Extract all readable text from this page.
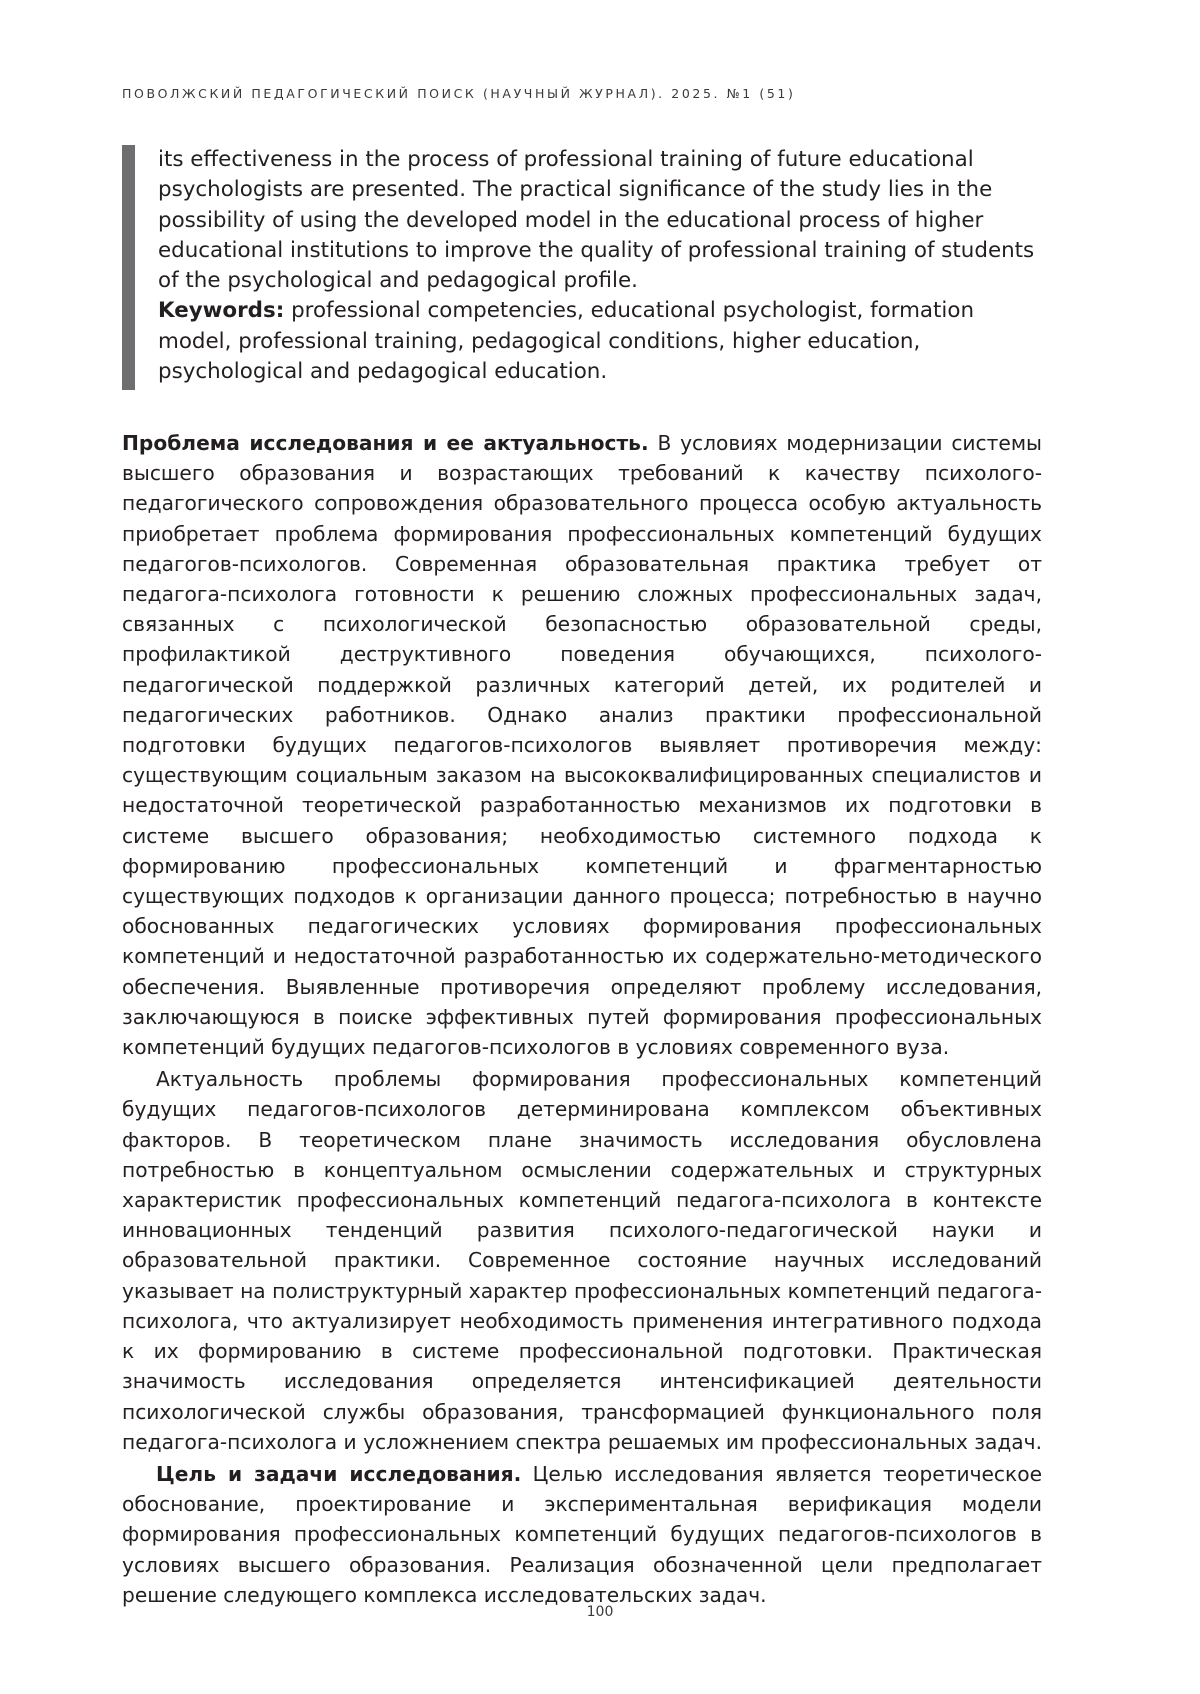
ПОВОЛЖСКИЙ ПЕДАГОГИЧЕСКИЙ ПОИСК (НАУЧНЫЙ ЖУРНАЛ). 2025. №1 (51)

its effectiveness in the process of professional training of future educational psychologists are presented. The practical significance of the study lies in the possibility of using the developed model in the educational process of higher educational institutions to improve the quality of professional training of students of the psychological and pedagogical profile.

Keywords: professional competencies, educational psychologist, formation model, professional training, pedagogical conditions, higher education, psychological and pedagogical education.

Проблема исследования и ее актуальность. В условиях модернизации системы высшего образования и возрастающих требований к качеству психолого-педагогического сопровождения образовательного процесса особую актуальность приобретает проблема формирования профессиональных компетенций будущих педагогов-психологов. Современная образовательная практика требует от педагога-психолога готовности к решению сложных профессиональных задач, связанных с психологической безопасностью образовательной среды, профилактикой деструктивного поведения обучающихся, психолого-педагогической поддержкой различных категорий детей, их родителей и педагогических работников. Однако анализ практики профессиональной подготовки будущих педагогов-психологов выявляет противоречия между: существующим социальным заказом на высококвалифицированных специалистов и недостаточной теоретической разработанностью механизмов их подготовки в системе высшего образования; необходимостью системного подхода к формированию профессиональных компетенций и фрагментарностью существующих подходов к организации данного процесса; потребностью в научно обоснованных педагогических условиях формирования профессиональных компетенций и недостаточной разработанностью их содержательно-методического обеспечения. Выявленные противоречия определяют проблему исследования, заключающуюся в поиске эффективных путей формирования профессиональных компетенций будущих педагогов-психологов в условиях современного вуза.

Актуальность проблемы формирования профессиональных компетенций будущих педагогов-психологов детерминирована комплексом объективных факторов. В теоретическом плане значимость исследования обусловлена потребностью в концептуальном осмыслении содержательных и структурных характеристик профессиональных компетенций педагога-психолога в контексте инновационных тенденций развития психолого-педагогической науки и образовательной практики. Современное состояние научных исследований указывает на полиструктурный характер профессиональных компетенций педагога-психолога, что актуализирует необходимость применения интегративного подхода к их формированию в системе профессиональной подготовки. Практическая значимость исследования определяется интенсификацией деятельности психологической службы образования, трансформацией функционального поля педагога-психолога и усложнением спектра решаемых им профессиональных задач.

Цель и задачи исследования. Целью исследования является теоретическое обоснование, проектирование и экспериментальная верификация модели формирования профессиональных компетенций будущих педагогов-психологов в условиях высшего образования. Реализация обозначенной цели предполагает решение следующего комплекса исследовательских задач.

100
